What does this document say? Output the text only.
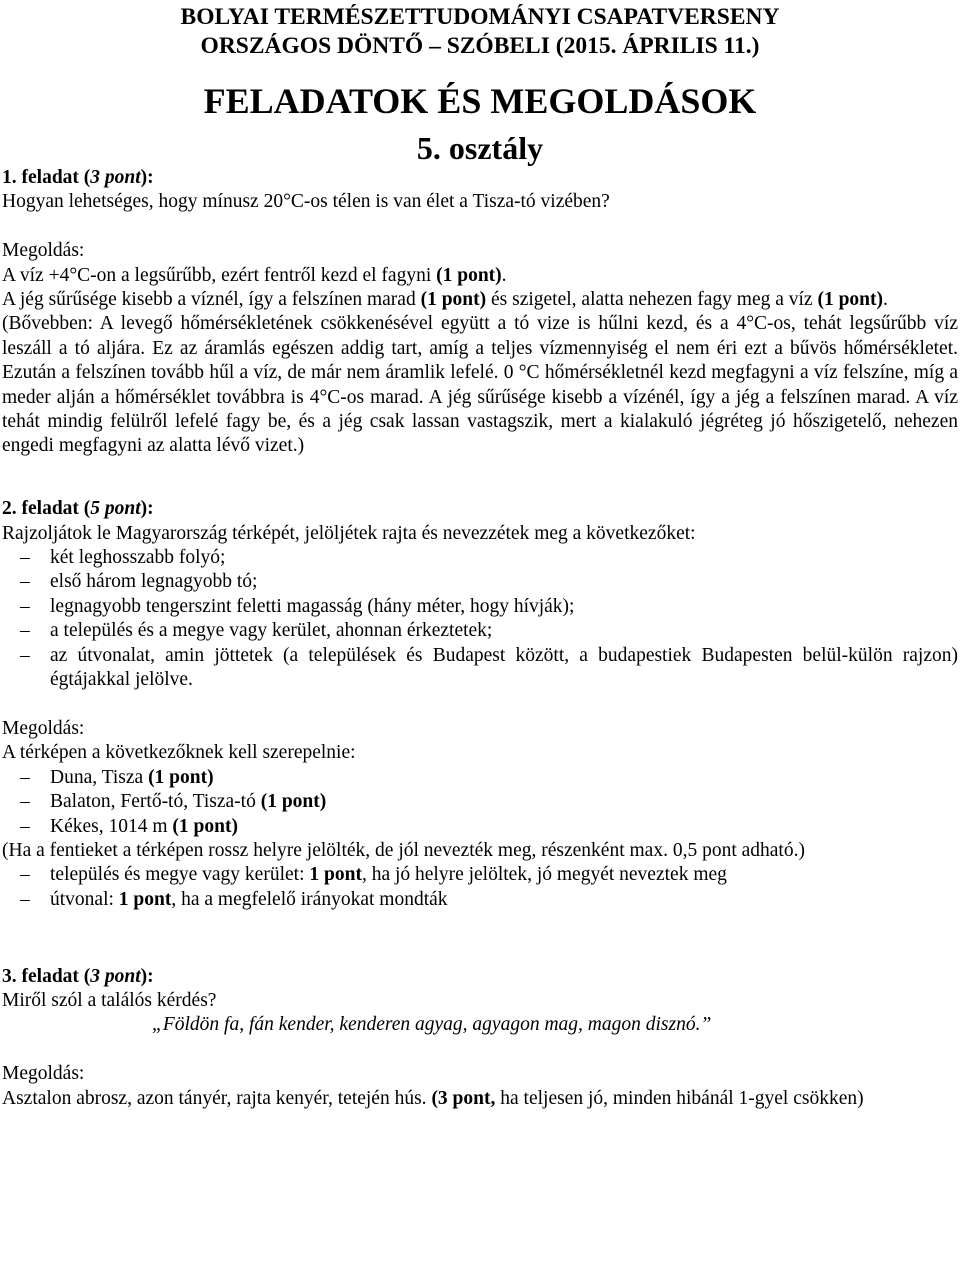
BOLYAI TERMÉSZETTUDOMÁNYI CSAPATVERSENY
ORSZÁGOS DÖNTŐ – SZÓBELI (2015. ÁPRILIS 11.)
FELADATOK ÉS MEGOLDÁSOK
5. osztály

1. feladat (3 pont):

Hogyan lehetséges, hogy mínusz 20°C-os télen is van élet a Tisza-tó vizében?

Megoldás:

A víz +4°C-on a legsűrűbb, ezért fentről kezd el fagyni (1 pont).

A jég sűrűsége kisebb a víznél, így a felszínen marad (1 pont) és szigetel, alatta nehezen fagy meg a víz (1 pont).

(Bővebben: A levegő hőmérsékletének csökkenésével együtt a tó vize is hűlni kezd, és a 4°C-os, tehát legsűrűbb víz leszáll a tó aljára. Ez az áramlás egészen addig tart, amíg a teljes vízmennyiség el nem éri ezt a bűvös hőmérsékletet. Ezután a felszínen tovább hűl a víz, de már nem áramlik lefelé. 0 °C hőmérsékletnél kezd megfagyni a víz felszíne, míg a meder alján a hőmérséklet továbbra is 4°C-os marad. A jég sűrűsége kisebb a vízénél, így a jég a felszínen marad. A víz tehát mindig felülről lefelé fagy be, és a jég csak lassan vastagszik, mert a kialakuló jégréteg jó hőszigetelő, nehezen engedi megfagyni az alatta lévő vizet.)

2. feladat (5 pont):

Rajzoljátok le Magyarország térképét, jelöljétek rajta és nevezzétek meg a következőket:

– két leghosszabb folyó;
– első három legnagyobb tó;
– legnagyobb tengerszint feletti magasság (hány méter, hogy hívják);
– a település és a megye vagy kerület, ahonnan érkeztetek;
– az útvonalat, amin jöttetek (a települések és Budapest között, a budapestiek Budapesten belül-külön rajzon) égtájakkal jelölve.

Megoldás:

A térképen a következőknek kell szerepelnie:

– Duna, Tisza (1 pont)
– Balaton, Fertő-tó, Tisza-tó (1 pont)
– Kékes, 1014 m (1 pont)

(Ha a fentieket a térképen rossz helyre jelölték, de jól nevezték meg, részenként max. 0,5 pont adható.)

– település és megye vagy kerület: 1 pont, ha jó helyre jelöltek, jó megyét neveztek meg
– útvonal: 1 pont, ha a megfelelő irányokat mondták

3. feladat (3 pont):

Miről szól a találós kérdés?

„Földön fa, fán kender, kenderen agyag, agyagon mag, magon disznó.”

Megoldás:

Asztalon abrosz, azon tányér, rajta kenyér, tetején hús. (3 pont, ha teljesen jó, minden hibánál 1-gyel csökken)
